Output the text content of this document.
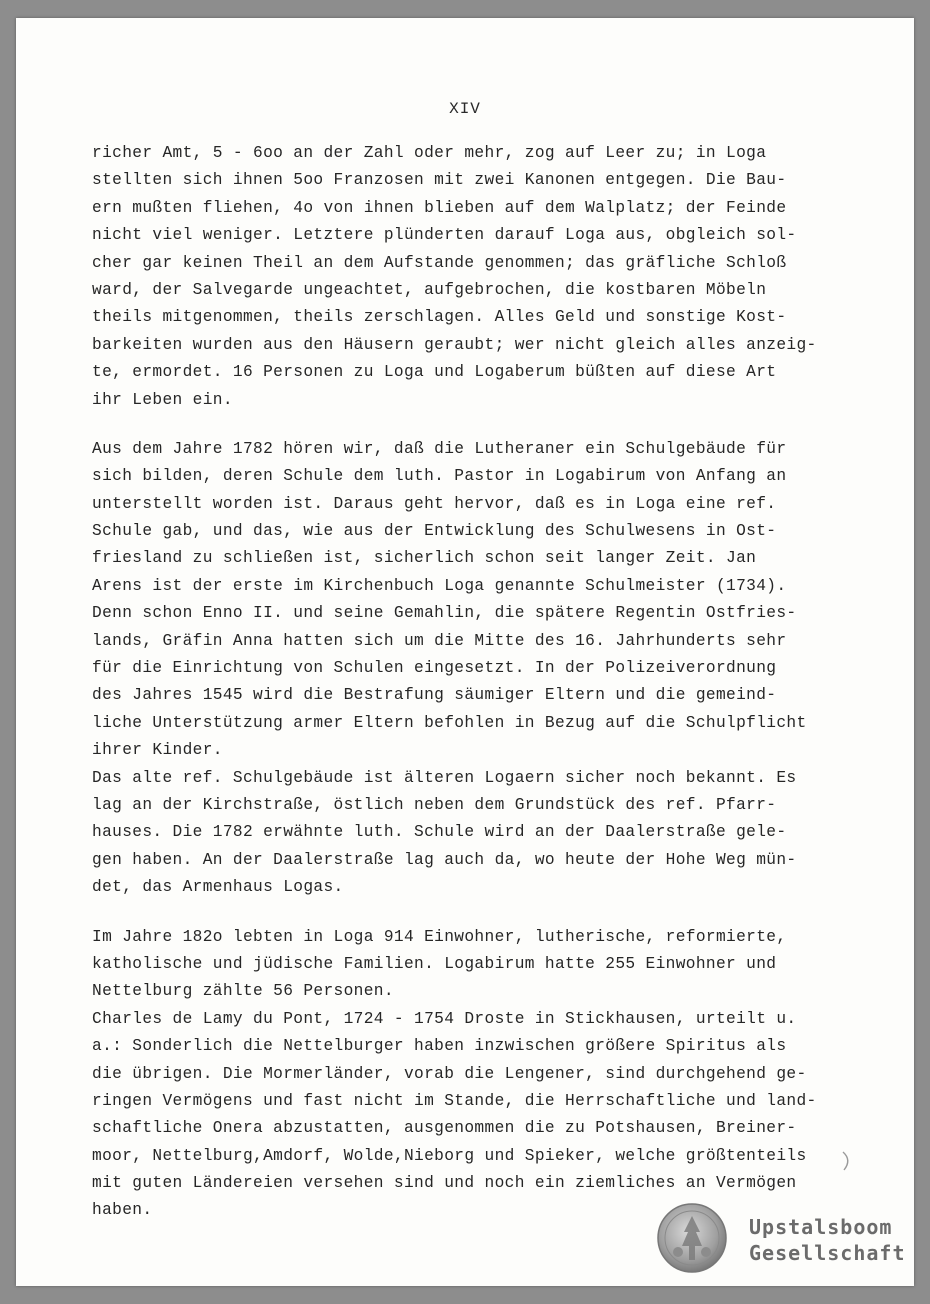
XIV
richer Amt, 5 - 6oo an der Zahl oder mehr, zog auf Leer zu; in Loga
stellten sich ihnen 5oo Franzosen mit zwei Kanonen entgegen. Die Bau-
ern mußten fliehen, 4o von ihnen blieben auf dem Walplatz; der Feinde
nicht viel weniger. Letztere plünderten darauf Loga aus, obgleich sol-
cher gar keinen Theil an dem Aufstande genommen; das gräfliche Schloß
ward, der Salvegarde ungeachtet, aufgebrochen, die kostbaren Möbeln
theils mitgenommen, theils zerschlagen. Alles Geld und sonstige Kost-
barkeiten wurden aus den Häusern geraubt; wer nicht gleich alles anzeig-
te, ermordet. 16 Personen zu Loga und Logaberum büßten auf diese Art
ihr Leben ein.
Aus dem Jahre 1782 hören wir, daß die Lutheraner ein Schulgebäude für
sich bilden, deren Schule dem luth. Pastor in Logabirum von Anfang an
unterstellt worden ist. Daraus geht hervor, daß es in Loga eine ref.
Schule gab, und das, wie aus der Entwicklung des Schulwesens in Ost-
friesland zu schließen ist, sicherlich schon seit langer Zeit. Jan
Arens ist der erste im Kirchenbuch Loga genannte Schulmeister (1734).
Denn schon Enno II. und seine Gemahlin, die spätere Regentin Ostfries-
lands, Gräfin Anna hatten sich um die Mitte des 16. Jahrhunderts sehr
für die Einrichtung von Schulen eingesetzt. In der Polizeiverordnung
des Jahres 1545 wird die Bestrafung säumiger Eltern und die gemeind-
liche Unterstützung armer Eltern befohlen in Bezug auf die Schulpflicht
ihrer Kinder.
Das alte ref. Schulgebäude ist älteren Logaern sicher noch bekannt. Es
lag an der Kirchstraße, östlich neben dem Grundstück des ref. Pfarr-
hauses. Die 1782 erwähnte luth. Schule wird an der Daalerstraße gele-
gen haben. An der Daalerstraße lag auch da, wo heute der Hohe Weg mün-
det, das Armenhaus Logas.
Im Jahre 182o lebten in Loga 914 Einwohner, lutherische, reformierte,
katholische und jüdische Familien. Logabirum hatte 255 Einwohner und
Nettelburg zählte 56 Personen.
Charles de Lamy du Pont, 1724 - 1754 Droste in Stickhausen, urteilt u.
a.: Sonderlich die Nettelburger haben inzwischen größere Spiritus als
die übrigen. Die Mormerländer, vorab die Lengener, sind durchgehend ge-
ringen Vermögens und fast nicht im Stande, die Herrschaftliche und land-
schaftliche Onera abzustatten, ausgenommen die zu Potshausen, Breiner-
moor, Nettelburg,Amdorf, Wolde,Nieborg und Spieker, welche größtenteils
mit guten Ländereien versehen sind und noch ein ziemliches an Vermögen
haben.
Upstalsboom
Gesellschaft
